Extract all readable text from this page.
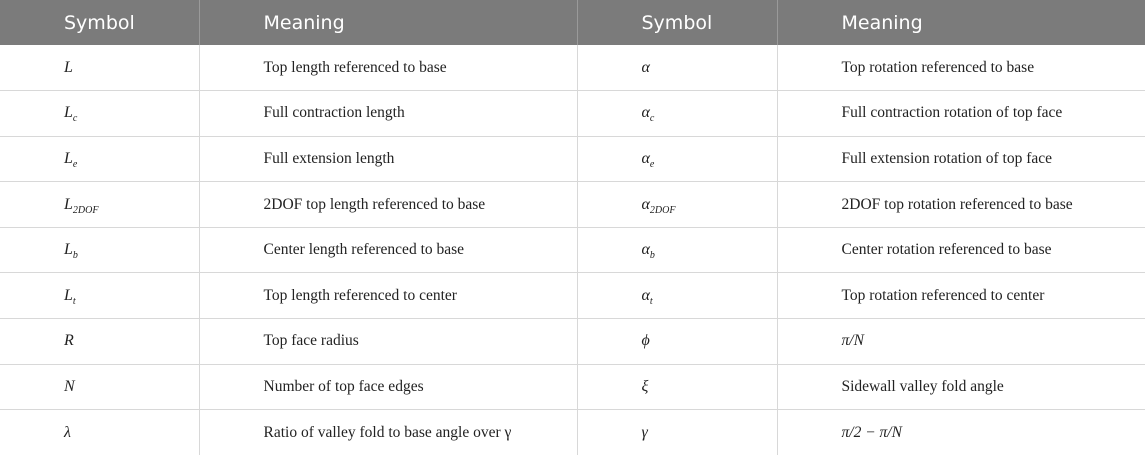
Symbol	Meaning	Symbol	Meaning
L	Top length referenced to base	α	Top rotation referenced to base
$L_c$	Full contraction length	$\alpha_c$	Full contraction rotation of top face
$L_e$	Full extension length	$\alpha_e$	Full extension rotation of top face
$L_{2DOF}$	2DOF top length referenced to base	$\alpha_{2DOF}$	2DOF top rotation referenced to base
$L_b$	Center length referenced to base	$\alpha_b$	Center rotation referenced to base
$L_t$	Top length referenced to center	$\alpha_t$	Top rotation referenced to center
R	Top face radius	ϕ	π/N
N	Number of top face edges	ξ	Sidewall valley fold angle
λ	Ratio of valley fold to base angle over γ	γ	π/2 − π/N
